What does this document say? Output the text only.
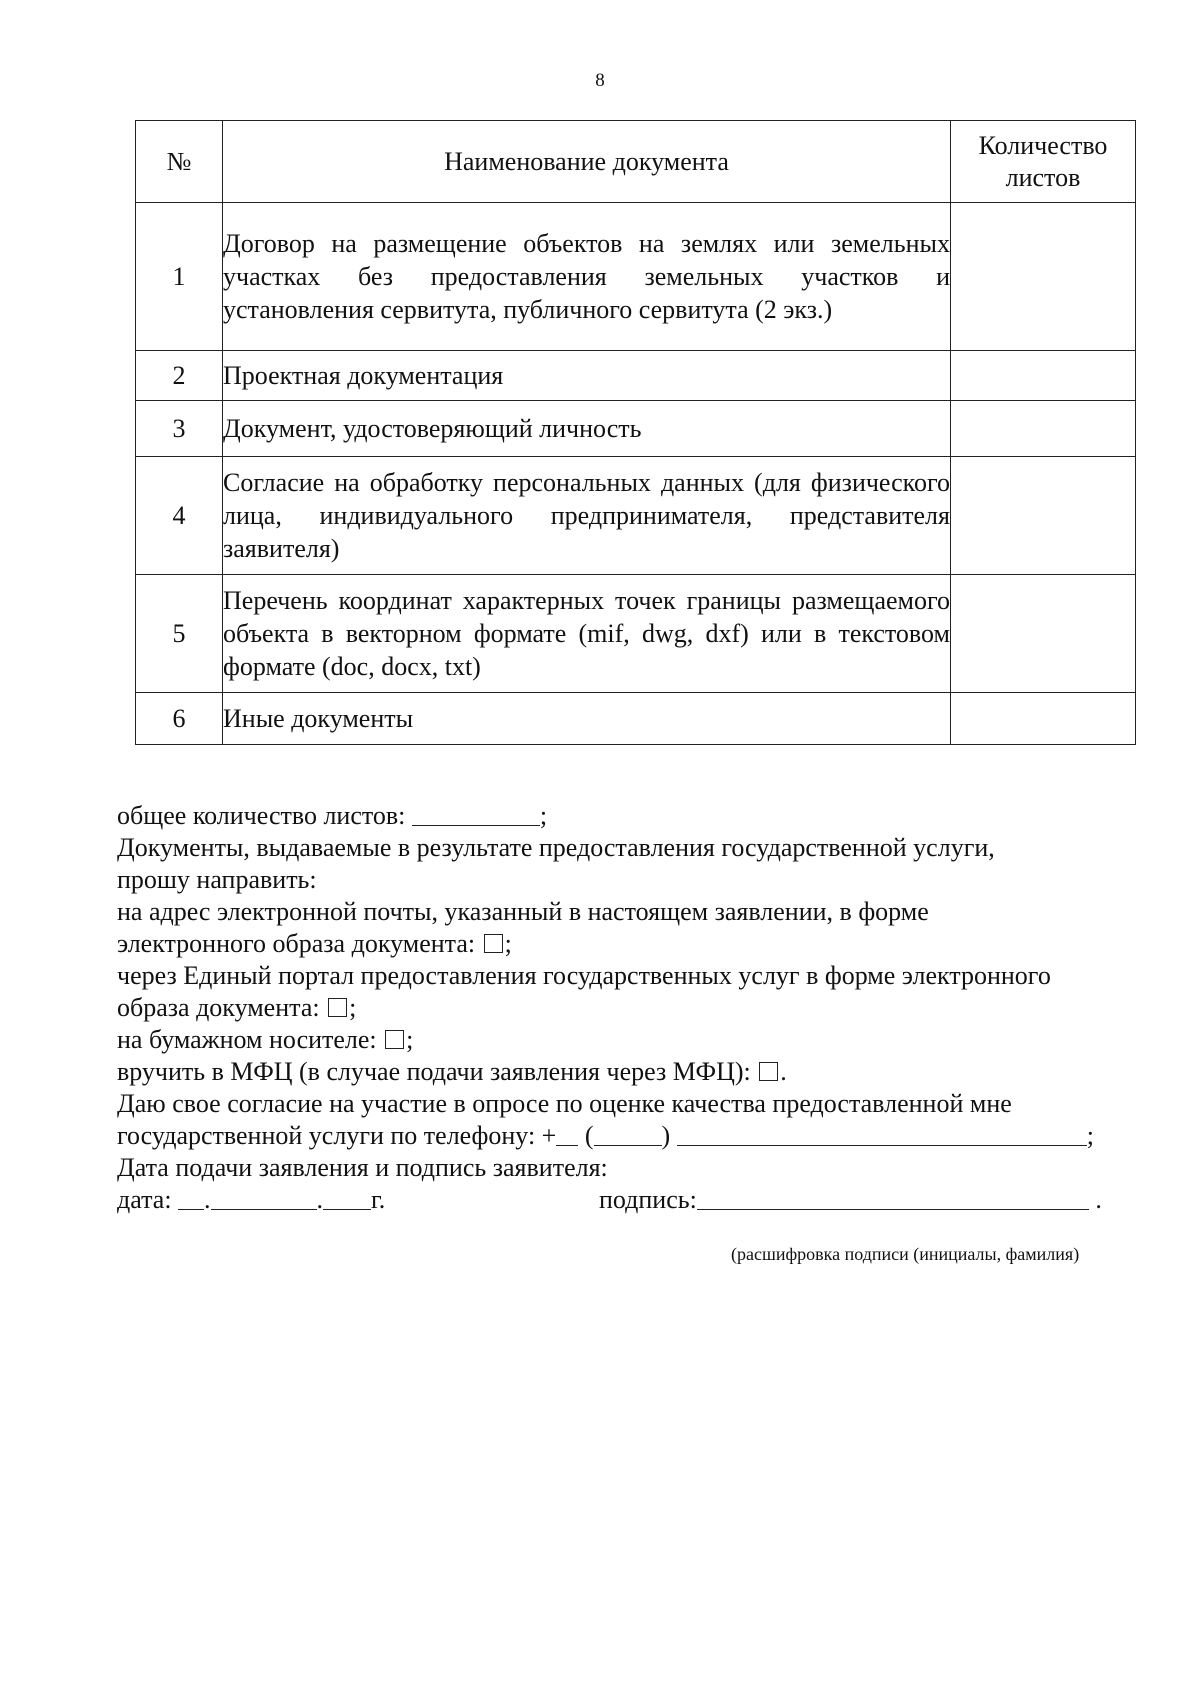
8
№	Наименование документа	Количество
листов
1	Договор на размещение объектов на землях или земельных участках без предоставления земельных участков и установления сервитута, публичного сервитута (2 экз.)	
2	Проектная документация	
3	Документ, удостоверяющий личность	
4	Согласие на обработку персональных данных (для физического лица, индивидуального предпринимателя, представителя заявителя)	
5	Перечень координат характерных точек границы размещаемого объекта в векторном формате (mif, dwg, dxf) или в текстовом формате (doc, docx, txt)	
6	Иные документы	

общее количество листов:	;

Документы, выдаваемые в результате предоставления государственной услуги,

прошу направить:

на адрес электронной почты, указанный в настоящем заявлении, в форме

электронного образа документа: ;

через Единый портал предоставления государственных услуг в форме электронного

образа документа: ;

на бумажном носителе: ;

вручить в МФЦ (в случае подачи заявления через МФЦ): .

Даю свое согласие на участие в опросе по оценке качества предоставленной мне

государственной услуги по телефону: + (	)	;

Дата подачи заявления и подпись заявителя:

дата: .	. г.	подпись:	.
(расшифровка подписи (инициалы, фамилия)
